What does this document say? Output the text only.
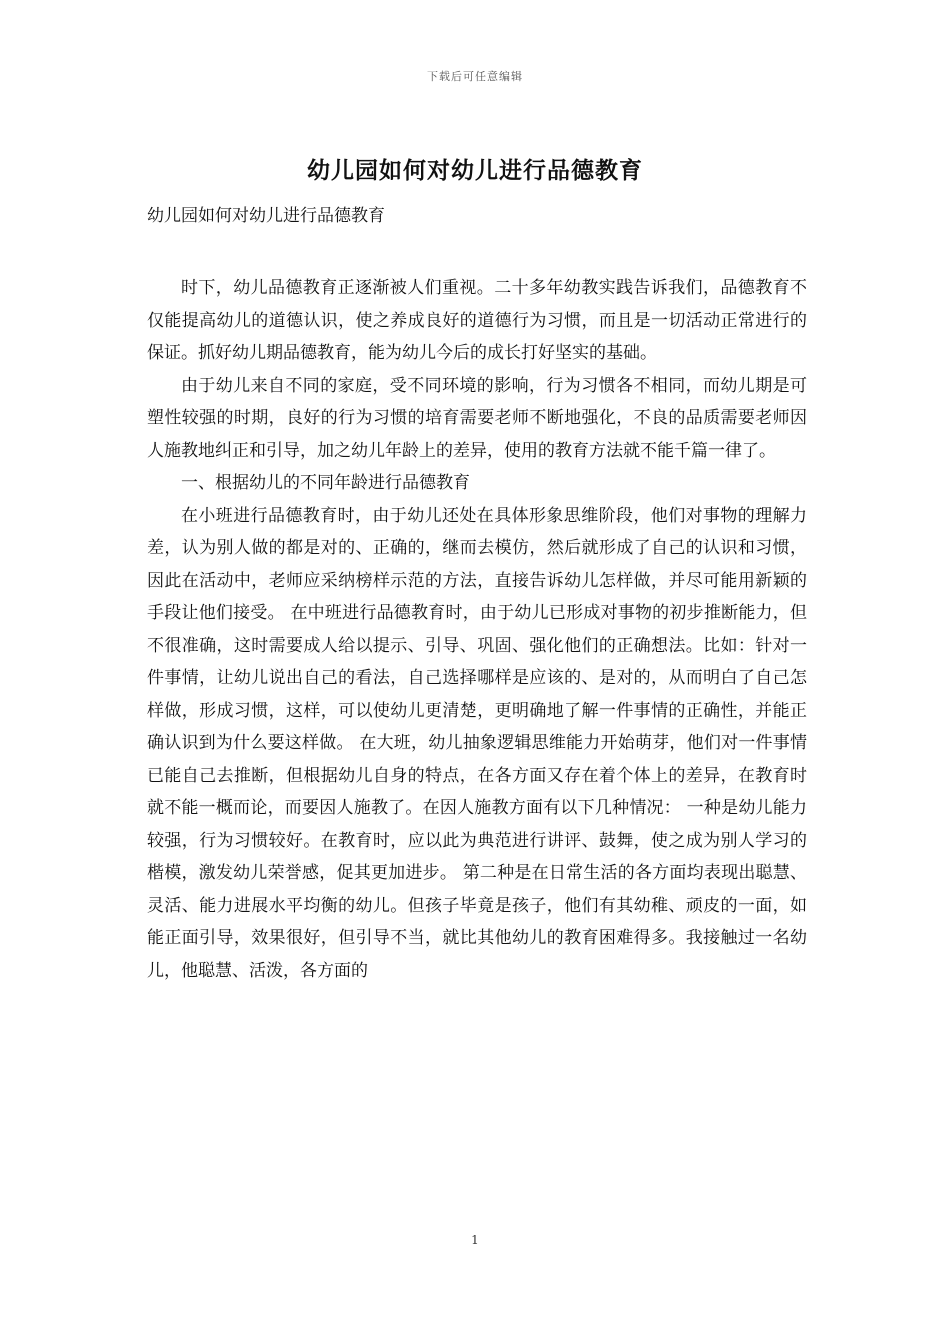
下载后可任意编辑
幼儿园如何对幼儿进行品德教育
幼儿园如何对幼儿进行品德教育

时下，幼儿品德教育正逐渐被人们重视。二十多年幼教实践告诉我们，品德教育不仅能提高幼儿的道德认识，使之养成良好的道德行为习惯，而且是一切活动正常进行的保证。抓好幼儿期品德教育，能为幼儿今后的成长打好坚实的基础。

由于幼儿来自不同的家庭，受不同环境的影响，行为习惯各不相同，而幼儿期是可塑性较强的时期，良好的行为习惯的培育需要老师不断地强化，不良的品质需要老师因人施教地纠正和引导，加之幼儿年龄上的差异，使用的教育方法就不能千篇一律了。

一、根据幼儿的不同年龄进行品德教育

在小班进行品德教育时，由于幼儿还处在具体形象思维阶段，他们对事物的理解力差，认为别人做的都是对的、正确的，继而去模仿，然后就形成了自己的认识和习惯，因此在活动中，老师应采纳榜样示范的方法，直接告诉幼儿怎样做，并尽可能用新颖的手段让他们接受。 在中班进行品德教育时，由于幼儿已形成对事物的初步推断能力，但不很准确，这时需要成人给以提示、引导、巩固、强化他们的正确想法。比如：针对一件事情，让幼儿说出自己的看法，自己选择哪样是应该的、是对的，从而明白了自己怎样做，形成习惯，这样，可以使幼儿更清楚，更明确地了解一件事情的正确性，并能正确认识到为什么要这样做。 在大班，幼儿抽象逻辑思维能力开始萌芽，他们对一件事情已能自己去推断，但根据幼儿自身的特点，在各方面又存在着个体上的差异，在教育时就不能一概而论，而要因人施教了。在因人施教方面有以下几种情况： 一种是幼儿能力较强，行为习惯较好。在教育时，应以此为典范进行讲评、鼓舞，使之成为别人学习的楷模，激发幼儿荣誉感，促其更加进步。 第二种是在日常生活的各方面均表现出聪慧、灵活、能力进展水平均衡的幼儿。但孩子毕竟是孩子，他们有其幼稚、顽皮的一面，如能正面引导，效果很好，但引导不当，就比其他幼儿的教育困难得多。我接触过一名幼儿，他聪慧、活泼，各方面的

1
